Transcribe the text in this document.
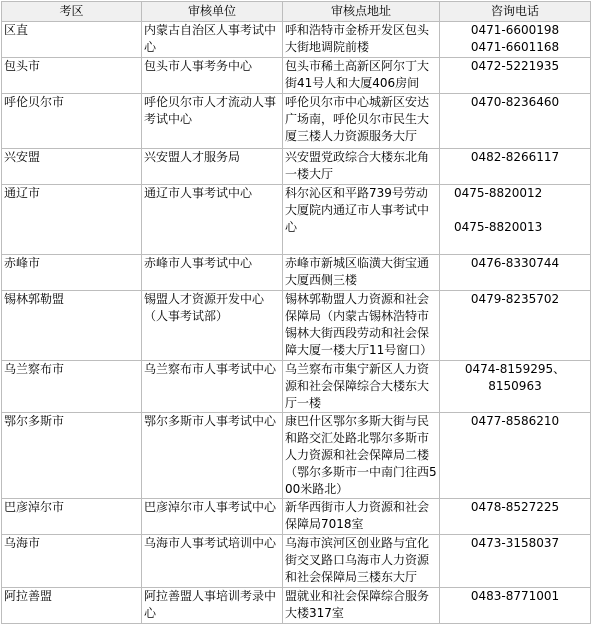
考区	审核单位	审核点地址	咨询电话
区直	内蒙古自治区人事考试中心	呼和浩特市金桥开发区包头大街地调院前楼	0471-6600198
0471-6601168

包头市	包头市人事考务中心	包头市稀土高新区阿尔丁大街41号人和大厦406房间	0472-5221935

呼伦贝尔市	呼伦贝尔市人才流动人事考试中心	呼伦贝尔市中心城新区安达广场南，呼伦贝尔市民生大厦三楼人力资源服务大厅	0470-8236460

兴安盟	兴安盟人才服务局	兴安盟党政综合大楼东北角一楼大厅	0482-8266117

通辽市	通辽市人事考试中心	科尔沁区和平路739号劳动大厦院内通辽市人事考试中心	0475-8820012
0475-8820013

赤峰市	赤峰市人事考试中心	赤峰市新城区临潢大街宝通大厦西侧三楼	0476-8330744

锡林郭勒盟	锡盟人才资源开发中心（人事考试部）	锡林郭勒盟人力资源和社会保障局（内蒙古锡林浩特市锡林大街西段劳动和社会保障大厦一楼大厅11号窗口）	0479-8235702

乌兰察布市	乌兰察布市人事考试中心	乌兰察布市集宁新区人力资源和社会保障综合大楼东大厅一楼	0474-8159295、
8150963

鄂尔多斯市	鄂尔多斯市人事考试中心	康巴什区鄂尔多斯大街与民和路交汇处路北鄂尔多斯市人力资源和社会保障局二楼（鄂尔多斯市一中南门往西500米路北）	0477-8586210

巴彦淖尔市	巴彦淖尔市人事考试中心	新华西街市人力资源和社会保障局7018室	0478-8527225

乌海市	乌海市人事考试培训中心	乌海市滨河区创业路与宜化街交叉路口乌海市人力资源和社会保障局三楼东大厅	0473-3158037

阿拉善盟	阿拉善盟人事培训考录中心	盟就业和社会保障综合服务大楼317室	0483-8771001
